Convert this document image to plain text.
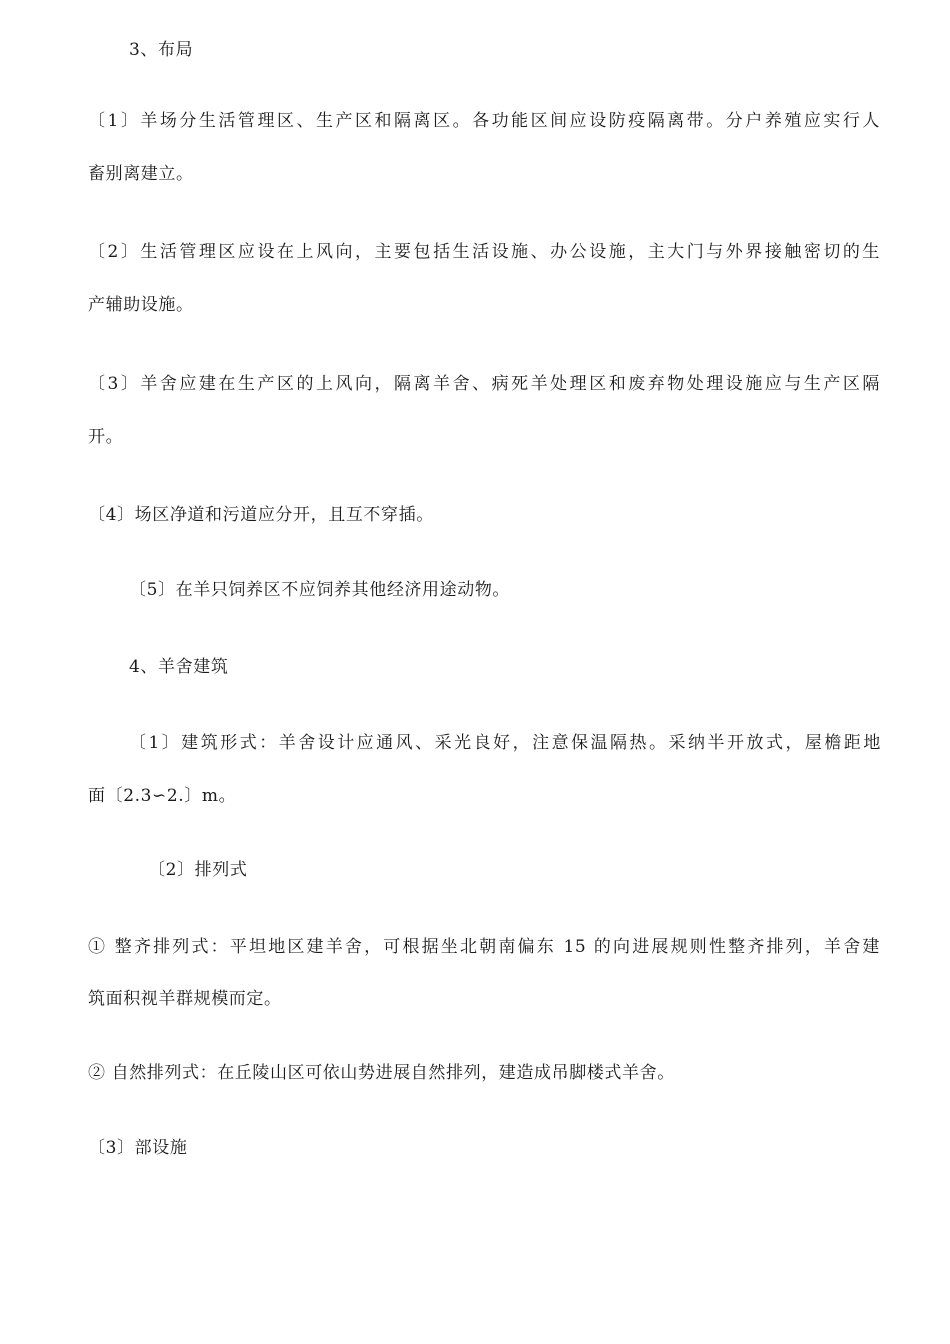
3、布局
〔1〕羊场分生活管理区、生产区和隔离区。各功能区间应设防疫隔离带。分户养殖应实行人
畜别离建立。
〔2〕生活管理区应设在上风向，主要包括生活设施、办公设施，主大门与外界接触密切的生
产辅助设施。
〔3〕羊舍应建在生产区的上风向，隔离羊舍、病死羊处理区和废弃物处理设施应与生产区隔
开。
〔4〕场区净道和污道应分开，且互不穿插。
〔5〕在羊只饲养区不应饲养其他经济用途动物。
4、羊舍建筑
〔1〕建筑形式：羊舍设计应通风、采光良好，注意保温隔热。采纳半开放式，屋檐距地
面〔2.3∽2.〕m。
〔2〕排列式
① 整齐排列式：平坦地区建羊舍，可根据坐北朝南偏东 15 的向进展规则性整齐排列，羊舍建
筑面积视羊群规模而定。
② 自然排列式：在丘陵山区可依山势进展自然排列，建造成吊脚楼式羊舍。
〔3〕部设施
